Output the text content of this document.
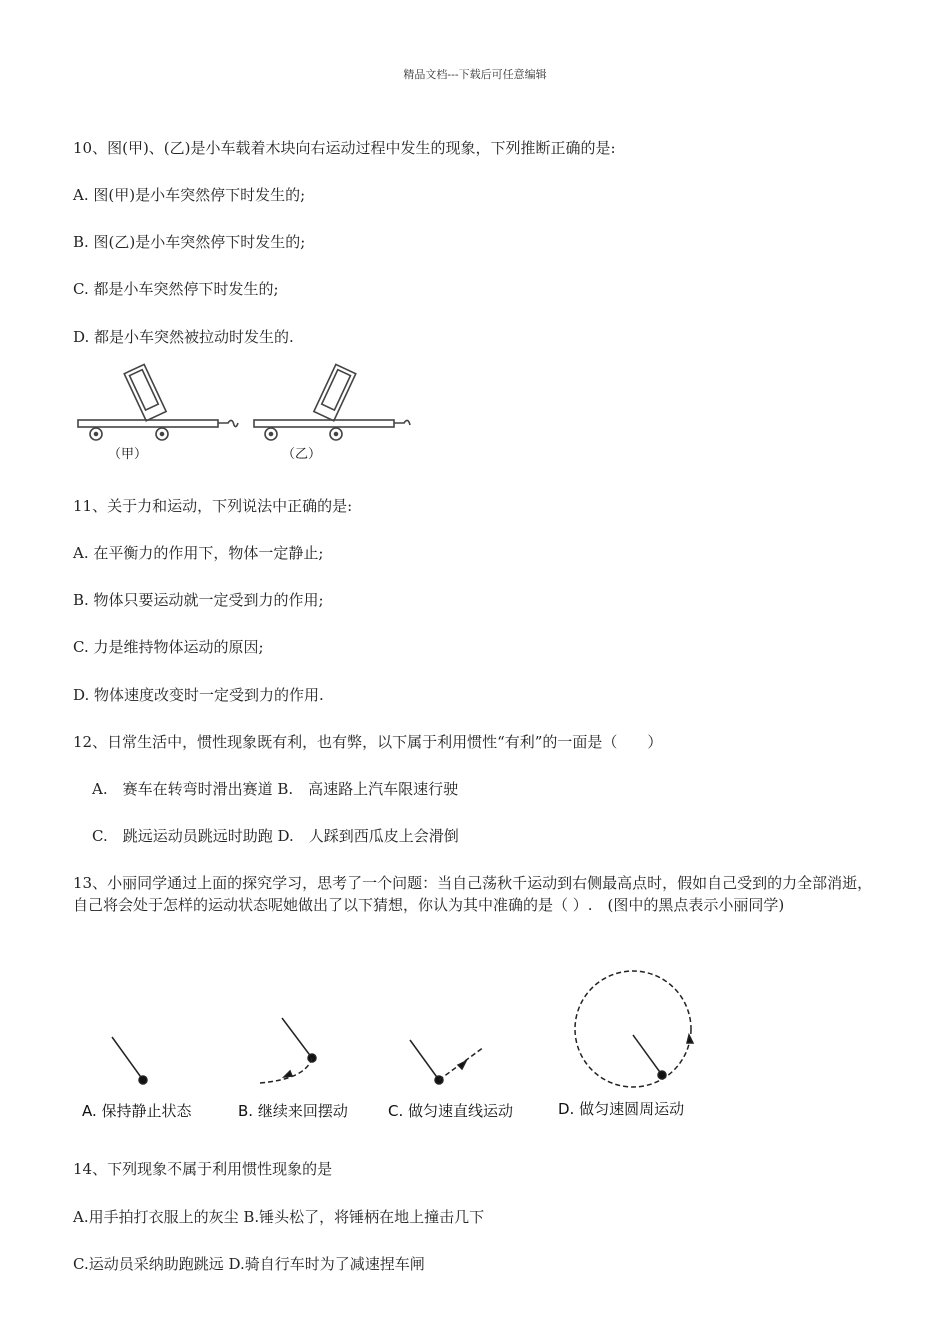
精品文档---下载后可任意编辑
10、图(甲)、(乙)是小车载着木块向右运动过程中发生的现象，下列推断正确的是:
A. 图(甲)是小车突然停下时发生的;
B. 图(乙)是小车突然停下时发生的;
C. 都是小车突然停下时发生的;
D. 都是小车突然被拉动时发生的.
（甲）	（乙）
11、关于力和运动，下列说法中正确的是:
A. 在平衡力的作用下，物体一定静止;
B. 物体只要运动就一定受到力的作用;
C. 力是维持物体运动的原因;
D. 物体速度改变时一定受到力的作用.
12、日常生活中，惯性现象既有利，也有弊，以下属于利用惯性“有利”的一面是（　　）
A.　赛车在转弯时滑出赛道 B.　高速路上汽车限速行驶
C.　跳远运动员跳远时助跑 D.　人踩到西瓜皮上会滑倒
13、小丽同学通过上面的探究学习，思考了一个问题：当自己荡秋千运动到右侧最高点时，假如自己受到的力全部消逝，自己将会处于怎样的运动状态呢她做出了以下猜想，你认为其中准确的是（ ）.　(图中的黑点表示小丽同学)
A. 保持静止状态	B. 继续来回摆动	C. 做匀速直线运动	D. 做匀速圆周运动
14、下列现象不属于利用惯性现象的是
A.用手拍打衣服上的灰尘 B.锤头松了，将锤柄在地上撞击几下
C.运动员采纳助跑跳远 D.骑自行车时为了减速捏车闸
